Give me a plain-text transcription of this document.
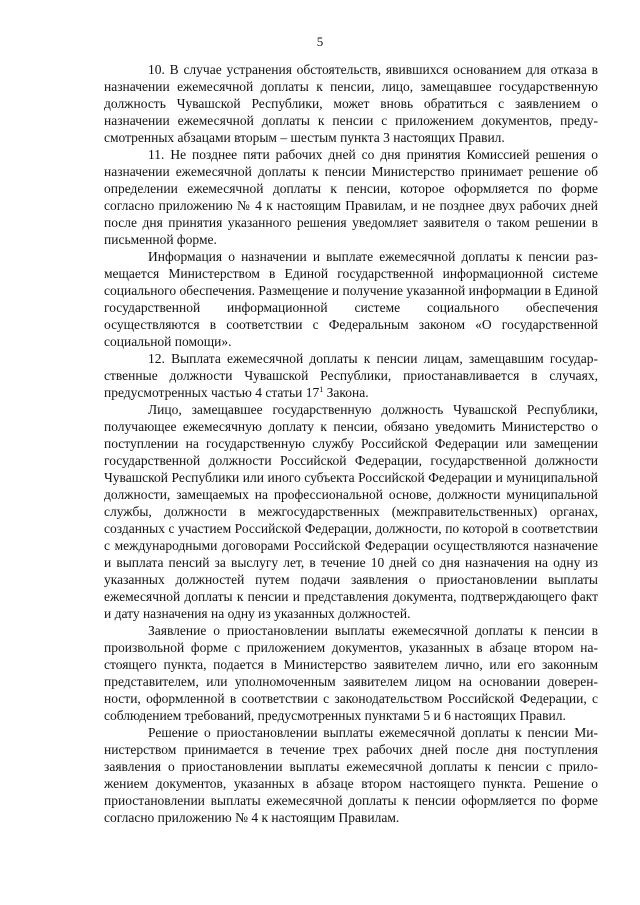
5

10. В случае устранения обстоятельств, явившихся основанием для отказа в назначении ежемесячной доплаты к пенсии, лицо, замещавшее государственную должность Чувашской Республики, может вновь обратиться с заявлением о назначении ежемесячной доплаты к пенсии с приложением документов, предусмотренных абзацами вторым – шестым пункта 3 настоящих Правил.

11. Не позднее пяти рабочих дней со дня принятия Комиссией решения о назначении ежемесячной доплаты к пенсии Министерство принимает решение об определении ежемесячной доплаты к пенсии, которое оформляется по форме согласно приложению № 4 к настоящим Правилам, и не позднее двух рабочих дней после дня принятия указанного решения уведомляет заявителя о таком решении в письменной форме.

Информация о назначении и выплате ежемесячной доплаты к пенсии размещается Министерством в Единой государственной информационной системе социального обеспечения. Размещение и получение указанной информации в Единой государственной информационной системе социального обеспечения осуществляются в соответствии с Федеральным законом «О государственной социальной помощи».

12. Выплата ежемесячной доплаты к пенсии лицам, замещавшим государственные должности Чувашской Республики, приостанавливается в случаях, предусмотренных частью 4 статьи $17^1$ Закона.

Лицо, замещавшее государственную должность Чувашской Республики, получающее ежемесячную доплату к пенсии, обязано уведомить Министерство о поступлении на государственную службу Российской Федерации или замещении государственной должности Российской Федерации, государственной должности Чувашской Республики или иного субъекта Российской Федерации и муниципальной должности, замещаемых на профессиональной основе, должности муниципальной службы, должности в межгосударственных (межправительственных) органах, созданных с участием Российской Федерации, должности, по которой в соответствии с международными договорами Российской Федерации осуществляются назначение и выплата пенсий за выслугу лет, в течение 10 дней со дня назначения на одну из указанных должностей путем подачи заявления о приостановлении выплаты ежемесячной доплаты к пенсии и представления документа, подтверждающего факт и дату назначения на одну из указанных должностей.

Заявление о приостановлении выплаты ежемесячной доплаты к пенсии в произвольной форме с приложением документов, указанных в абзаце втором настоящего пункта, подается в Министерство заявителем лично, или его законным представителем, или уполномоченным заявителем лицом на основании доверенности, оформленной в соответствии с законодательством Российской Федерации, с соблюдением требований, предусмотренных пунктами 5 и 6 настоящих Правил.

Решение о приостановлении выплаты ежемесячной доплаты к пенсии Министерством принимается в течение трех рабочих дней после дня поступления заявления о приостановлении выплаты ежемесячной доплаты к пенсии с приложением документов, указанных в абзаце втором настоящего пункта. Решение о приостановлении выплаты ежемесячной доплаты к пенсии оформляется по форме согласно приложению № 4 к настоящим Правилам.
